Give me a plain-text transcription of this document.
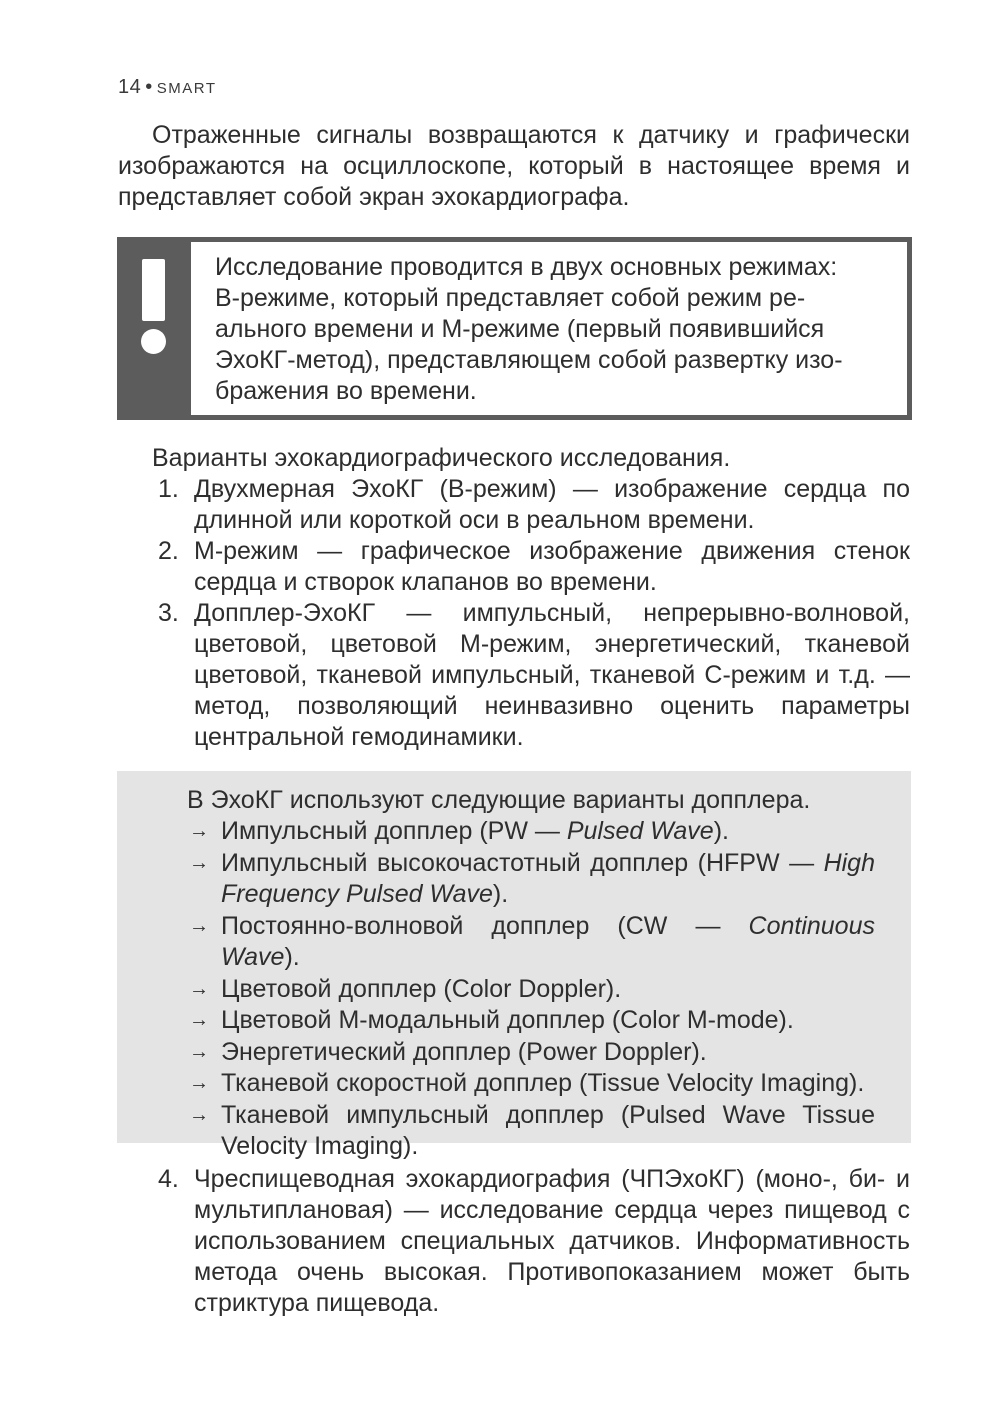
14 • SMART
Отраженные сигналы возвращаются к датчику и графически изображаются на осциллоскопе, который в настоящее время и представляет собой экран эхокардиографа.
Исследование проводится в двух основных режимах:
В-режиме, который представляет собой режим ре-
ального времени и М-режиме (первый появившийся
ЭхоКГ-метод), представляющем собой развертку изо-
бражения во времени.
Варианты эхокардиографического исследования.
1. Двухмерная ЭхоКГ (В-режим) — изображение сердца по длинной или короткой оси в реальном времени.
2. М-режим — графическое изображение движения стенок сердца и створок клапанов во времени.
3. Допплер-ЭхоКГ — импульсный, непрерывно-волновой, цветовой, цветовой М-режим, энергетический, тканевой цветовой, тканевой импульсный, тканевой С-режим и т.д. — метод, позволяющий неинвазивно оценить параметры центральной гемодинамики.
В ЭхоКГ используют следующие варианты допплера.
→ Импульсный допплер (PW — Pulsed Wave).
→ Импульсный высокочастотный допплер (HFPW — High Frequency Pulsed Wave).
→ Постоянно-волновой допплер (CW — Continuous Wave).
→ Цветовой допплер (Color Doppler).
→ Цветовой М-модальный допплер (Color M-mode).
→ Энергетический допплер (Power Doppler).
→ Тканевой скоростной допплер (Tissue Velocity Imaging).
→ Тканевой импульсный допплер (Pulsed Wave Tissue Velocity Imaging).
4. Чреспищеводная эхокардиография (ЧПЭхоКГ) (моно-, би- и мультиплановая) — исследование сердца через пищевод с использованием специальных датчиков. Информативность метода очень высокая. Противопоказанием может быть стриктура пищевода.
